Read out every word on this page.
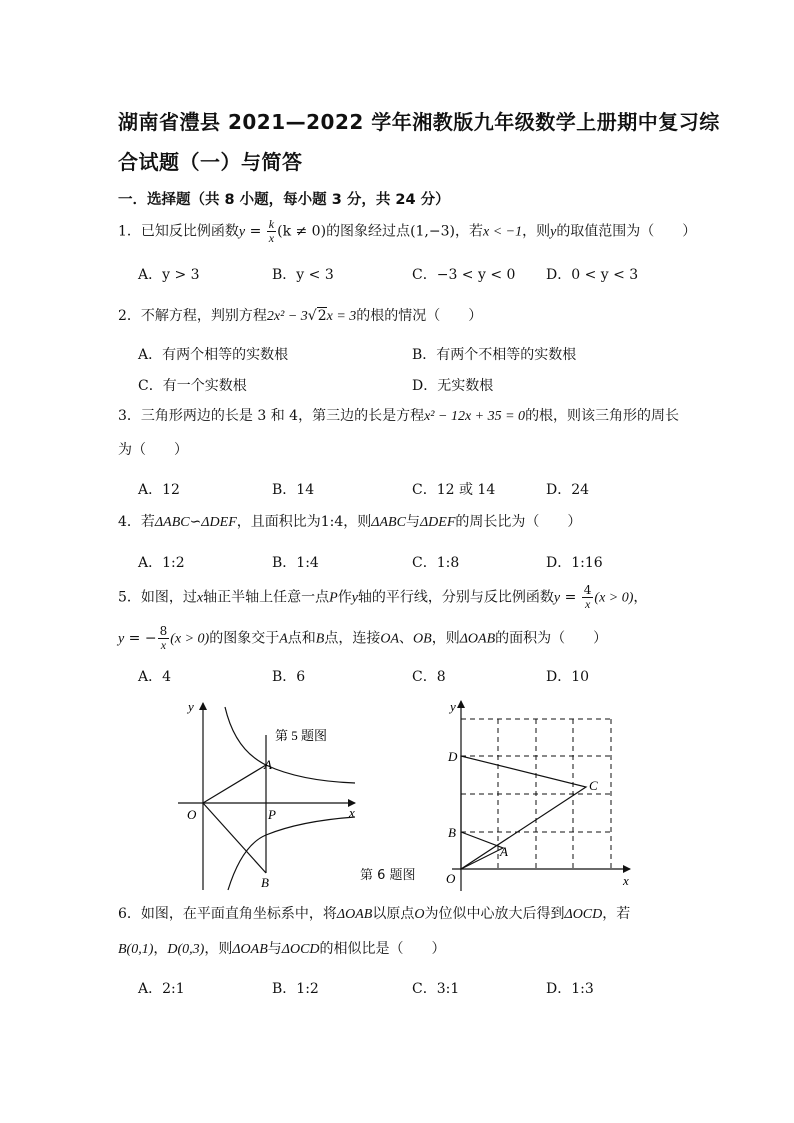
湖南省澧县 2021—2022 学年湘教版九年级数学上册期中复习综
合试题（一）与简答
一．选择题（共 8 小题，每小题 3 分，共 24 分）
1．已知反比例函数$y = \frac{k}{x} (k \ne 0)$的图象经过点(1,−3)，若x < −1，则y的取值范围为（　　）
A．y > 3	B．y < 3	C．−3 < y < 0 D．0 < y < 3
2．不解方程，判别方程2x² − 3√2x = 3的根的情况（　　）
A．有两个相等的实数根	B．有两个不相等的实数根
C．有一个实数根	D．无实数根
3．三角形两边的长是 3 和 4，第三边的长是方程x² − 12x + 35 = 0的根，则该三角形的周长
为（　　）
A．12	B．14	C．12 或 14	D．24
4．若ΔABC∽ΔDEF，且面积比为1:4，则ΔABC与ΔDEF的周长比为（　　）
A．1:2	B．1:4	C．1:8	D．1:16
5．如图，过x轴正半轴上任意一点P作y轴的平行线，分别与反比例函数$y = \frac{4}{x} (x > 0)$，
y = − $\frac{8}{x} (x > 0)$的图象交于A点和B点，连接OA、OB，则ΔOAB的面积为（　　）
A．4	B．6	C．8	D．10
y
x
O
A
P
B
第 5 题图
y
x
O
D
C
B
A
第 6 题图
6．如图，在平面直角坐标系中，将ΔOAB以原点O为位似中心放大后得到ΔOCD，若
B(0,1)，D(0,3)，则ΔOAB与ΔOCD的相似比是（　　）
A．2:1	B．1:2	C．3:1	D．1:3
